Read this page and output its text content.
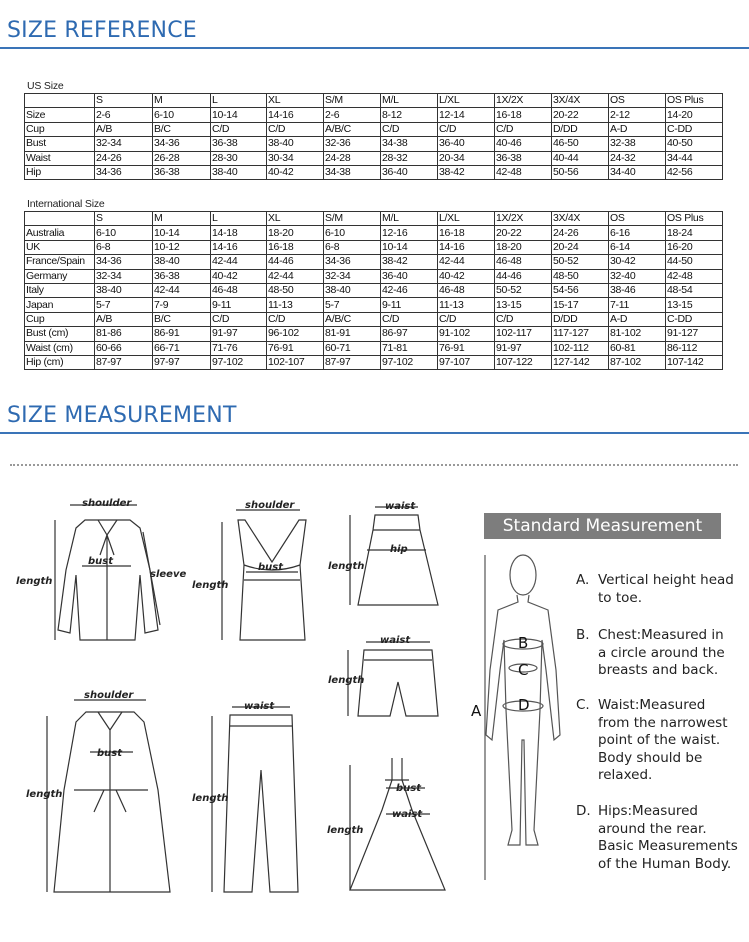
SIZE REFERENCE
US Size
	S	M	L	XL	S/M	M/L	L/XL	1X/2X	3X/4X	OS	OS Plus
Size	2-6	6-10	10-14	14-16	2-6	8-12	12-14	16-18	20-22	2-12	14-20
Cup	A/B	B/C	C/D	C/D	A/B/C	C/D	C/D	C/D	D/DD	A-D	C-DD
Bust	32-34	34-36	36-38	38-40	32-36	34-38	36-40	40-46	46-50	32-38	40-50
Waist	24-26	26-28	28-30	30-34	24-28	28-32	20-34	36-38	40-44	24-32	34-44
Hip	34-36	36-38	38-40	40-42	34-38	36-40	38-42	42-48	50-56	34-40	42-56
International Size
	S	M	L	XL	S/M	M/L	L/XL	1X/2X	3X/4X	OS	OS Plus
Australia	6-10	10-14	14-18	18-20	6-10	12-16	16-18	20-22	24-26	6-16	18-24
UK	6-8	10-12	14-16	16-18	6-8	10-14	14-16	18-20	20-24	6-14	16-20
France/Spain	34-36	38-40	42-44	44-46	34-36	38-42	42-44	46-48	50-52	30-42	44-50
Germany	32-34	36-38	40-42	42-44	32-34	36-40	40-42	44-46	48-50	32-40	42-48
Italy	38-40	42-44	46-48	48-50	38-40	42-46	46-48	50-52	54-56	38-46	48-54
Japan	5-7	7-9	9-11	11-13	5-7	9-11	11-13	13-15	15-17	7-11	13-15
Cup	A/B	B/C	C/D	C/D	A/B/C	C/D	C/D	C/D	D/DD	A-D	C-DD
Bust (cm)	81-86	86-91	91-97	96-102	81-91	86-97	91-102	102-117	117-127	81-102	91-127
Waist (cm)	60-66	66-71	71-76	76-91	60-71	71-81	76-91	91-97	102-112	60-81	86-112
Hip (cm)	87-97	97-97	97-102	102-107	87-97	97-102	97-107	107-122	127-142	87-102	107-142
SIZE MEASUREMENT
shoulder
bust
sleeve
length
shoulder
bust
length
waist
hip
length
waist
length
shoulder
bust
length
waist
length
bust
waist
length
B
C
D
A
Standard Measurement
A. Vertical height head
to toe.
B. Chest:Measured in
a circle around the
breasts and back.
C. Waist:Measured
from the narrowest
point of the waist.
Body should be
relaxed.
D. Hips:Measured
around the rear.
Basic Measurements
of the Human Body.
